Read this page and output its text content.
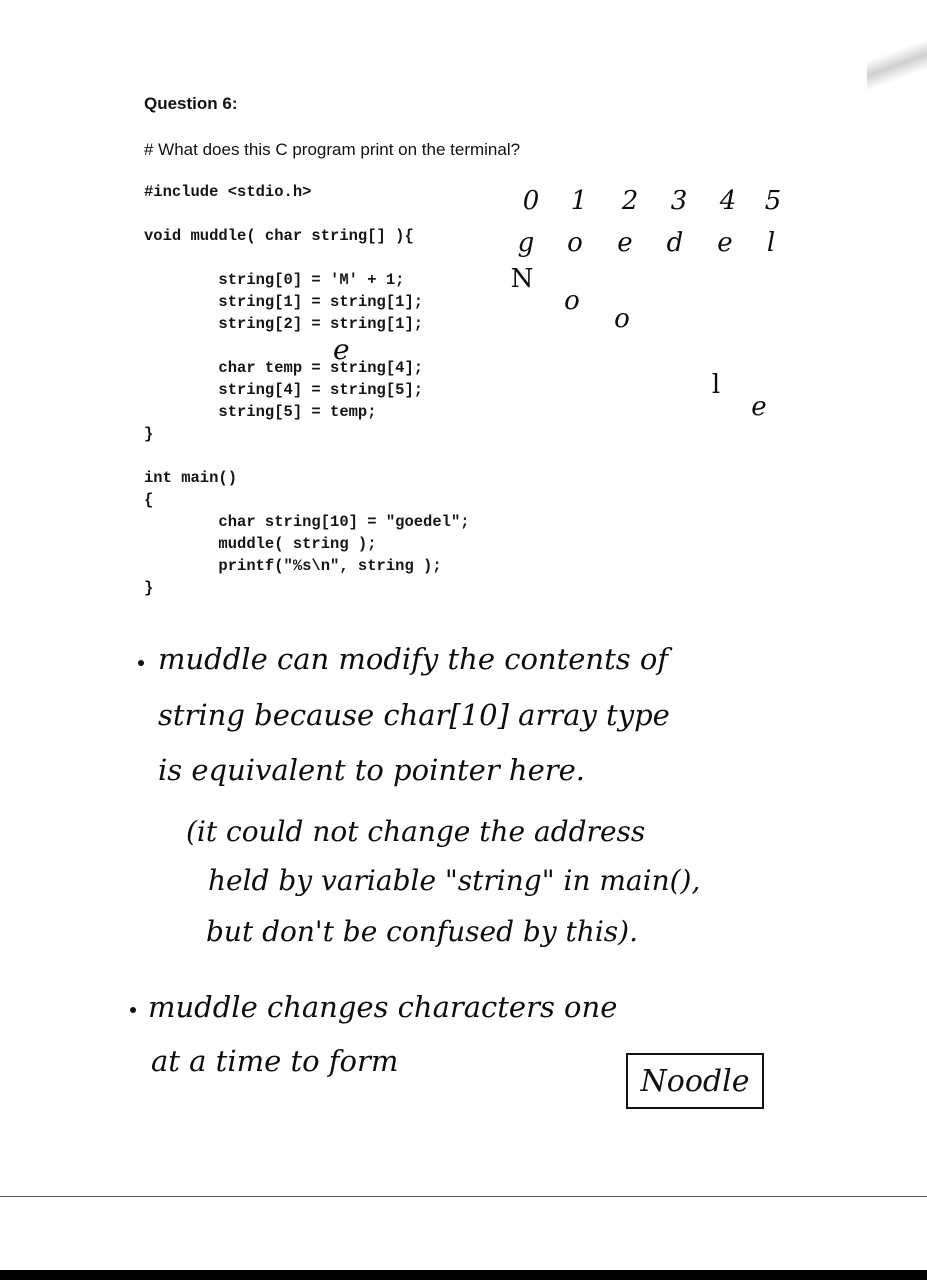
Question 6:
# What does this C program print on the terminal?
#include <stdio.h>

void muddle( char string[] ){

string[0] = 'M' + 1;
string[1] = string[1];
string[2] = string[1];

char temp = string[4];
string[4] = string[5];
string[5] = temp;
}

int main()
{
char string[10] = "goedel";
muddle( string );
printf("%s\n", string );
}
e
0 1 2 3 4 5
g o e d e	l
N
o
o
l
e
muddle can modify the contents of
string because char[10] array type
is equivalent to pointer here.
(it could not change the address
held by variable "string" in main(),
but don't be confused by this).
muddle changes characters one
at a time to form
Noodle
